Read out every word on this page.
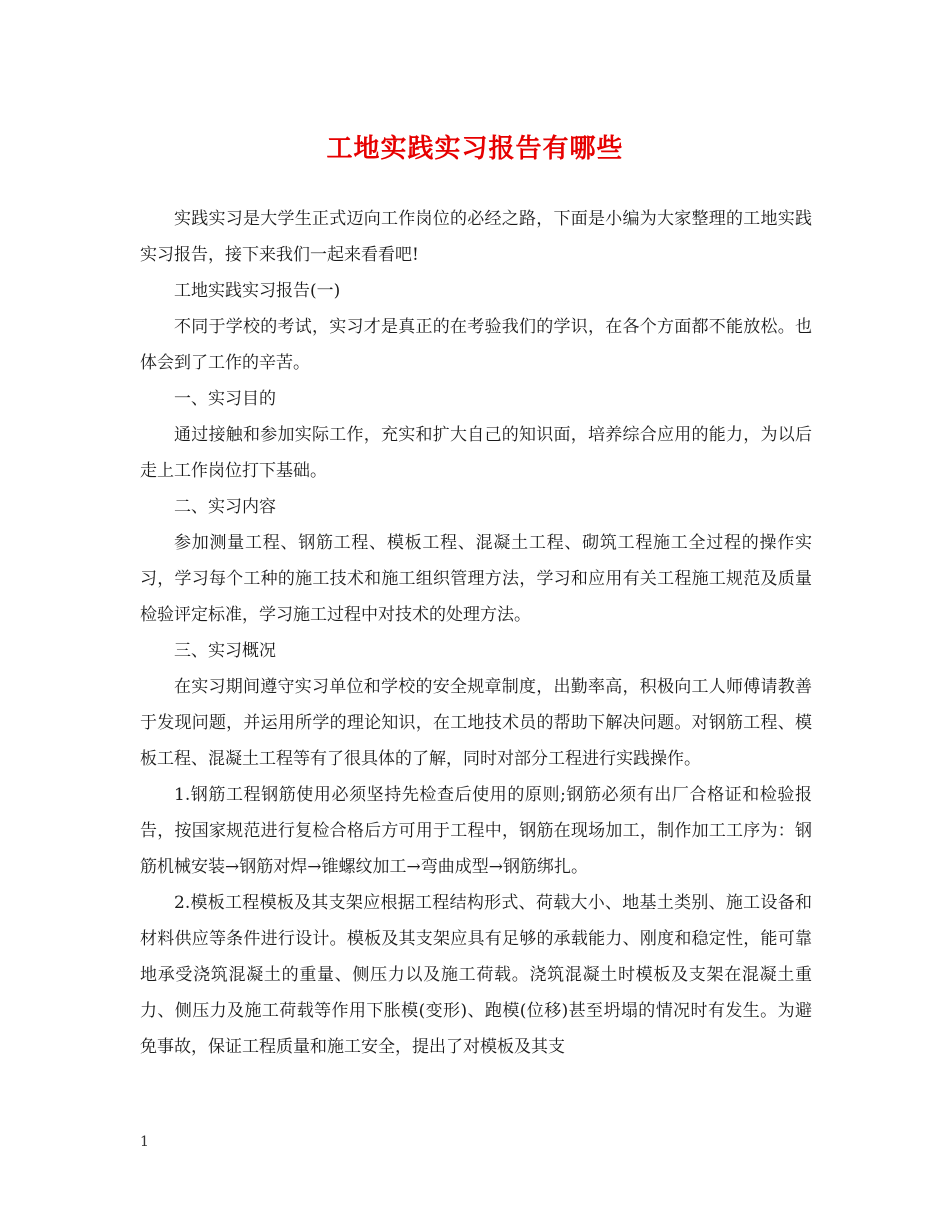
工地实践实习报告有哪些

实践实习是大学生正式迈向工作岗位的必经之路，下面是小编为大家整理的工地实践实习报告，接下来我们一起来看看吧!

工地实践实习报告(一)

不同于学校的考试，实习才是真正的在考验我们的学识，在各个方面都不能放松。也体会到了工作的辛苦。

一、实习目的

通过接触和参加实际工作，充实和扩大自己的知识面，培养综合应用的能力，为以后走上工作岗位打下基础。

二、实习内容

参加测量工程、钢筋工程、模板工程、混凝土工程、砌筑工程施工全过程的操作实习，学习每个工种的施工技术和施工组织管理方法，学习和应用有关工程施工规范及质量检验评定标准，学习施工过程中对技术的处理方法。

三、实习概况

在实习期间遵守实习单位和学校的安全规章制度，出勤率高，积极向工人师傅请教善于发现问题，并运用所学的理论知识，在工地技术员的帮助下解决问题。对钢筋工程、模板工程、混凝土工程等有了很具体的了解，同时对部分工程进行实践操作。

1.钢筋工程钢筋使用必须坚持先检查后使用的原则;钢筋必须有出厂合格证和检验报告，按国家规范进行复检合格后方可用于工程中，钢筋在现场加工，制作加工工序为：钢筋机械安装→钢筋对焊→锥螺纹加工→弯曲成型→钢筋绑扎。

2.模板工程模板及其支架应根据工程结构形式、荷载大小、地基土类别、施工设备和材料供应等条件进行设计。模板及其支架应具有足够的承载能力、刚度和稳定性，能可靠地承受浇筑混凝土的重量、侧压力以及施工荷载。浇筑混凝土时模板及支架在混凝土重力、侧压力及施工荷载等作用下胀模(变形)、跑模(位移)甚至坍塌的情况时有发生。为避免事故，保证工程质量和施工安全，提出了对模板及其支

1
